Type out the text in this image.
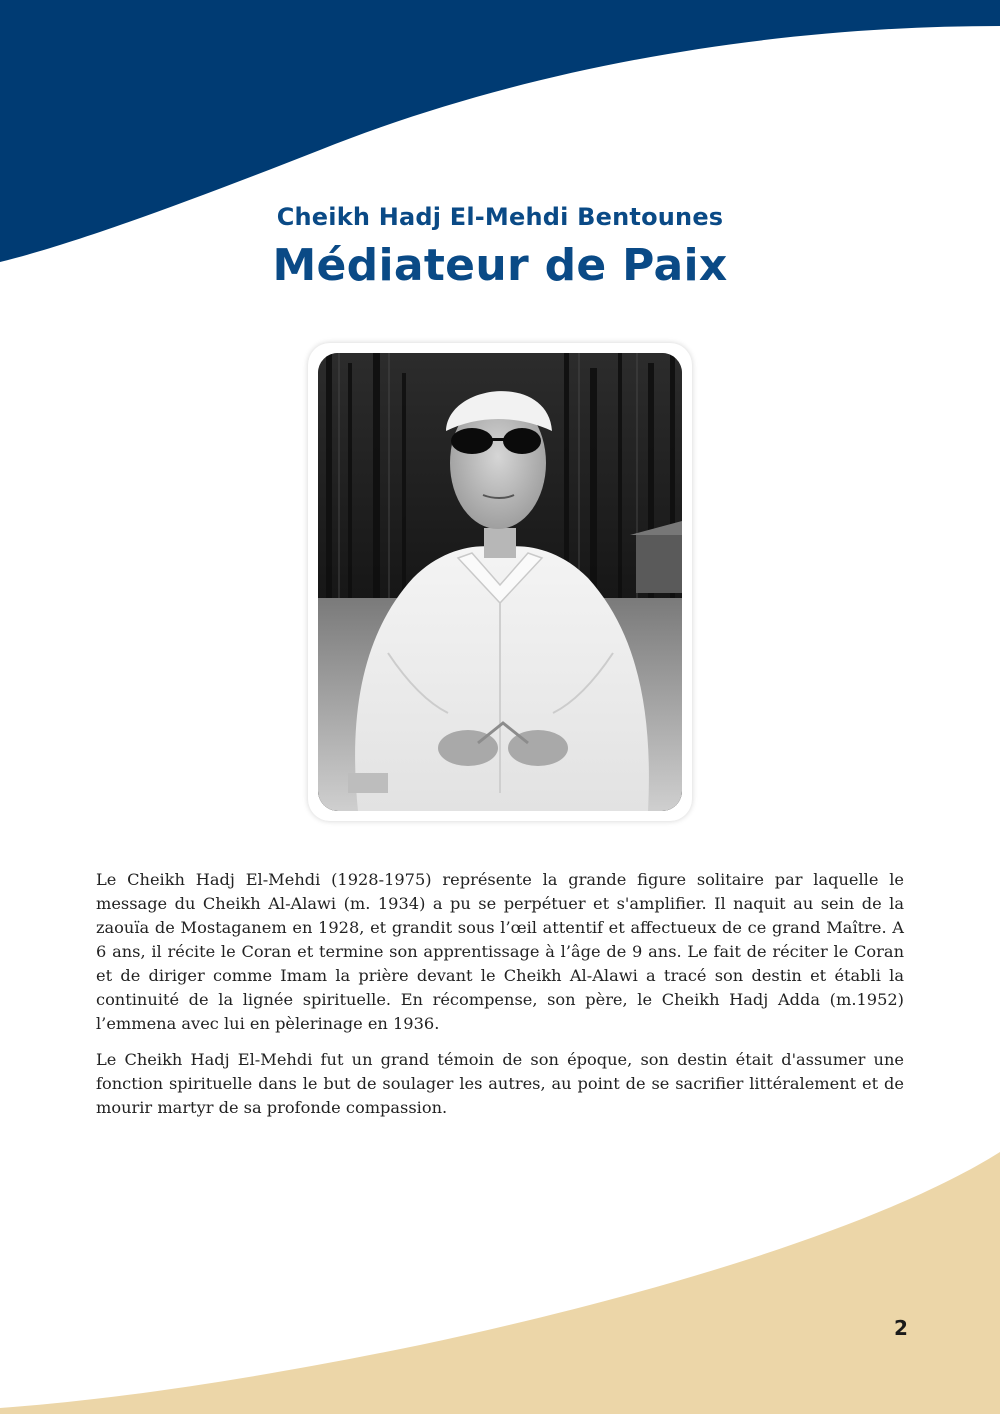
Cheikh Hadj El-Mehdi Bentounes
Médiateur de Paix

Le Cheikh Hadj El-Mehdi (1928-1975) représente la grande figure solitaire par laquelle le message du Cheikh Al-Alawi (m. 1934) a pu se perpétuer et s'amplifier. Il naquit au sein de la zaouïa de Mostaganem en 1928, et grandit sous l’œil attentif et affectueux de ce grand Maître. A 6 ans, il récite le Coran et termine son apprentissage à l’âge de 9 ans. Le fait de réciter le Coran et de diriger comme Imam la prière devant le Cheikh Al-Alawi a tracé son destin et établi la continuité de la lignée spirituelle. En récompense, son père, le Cheikh Hadj Adda (m.1952) l’emmena avec lui en pèlerinage en 1936.

Le Cheikh Hadj El-Mehdi fut un grand témoin de son époque, son destin était d'assumer une fonction spirituelle dans le but de soulager les autres, au point de se sacrifier littéralement et de mourir martyr de sa profonde compassion.

2
